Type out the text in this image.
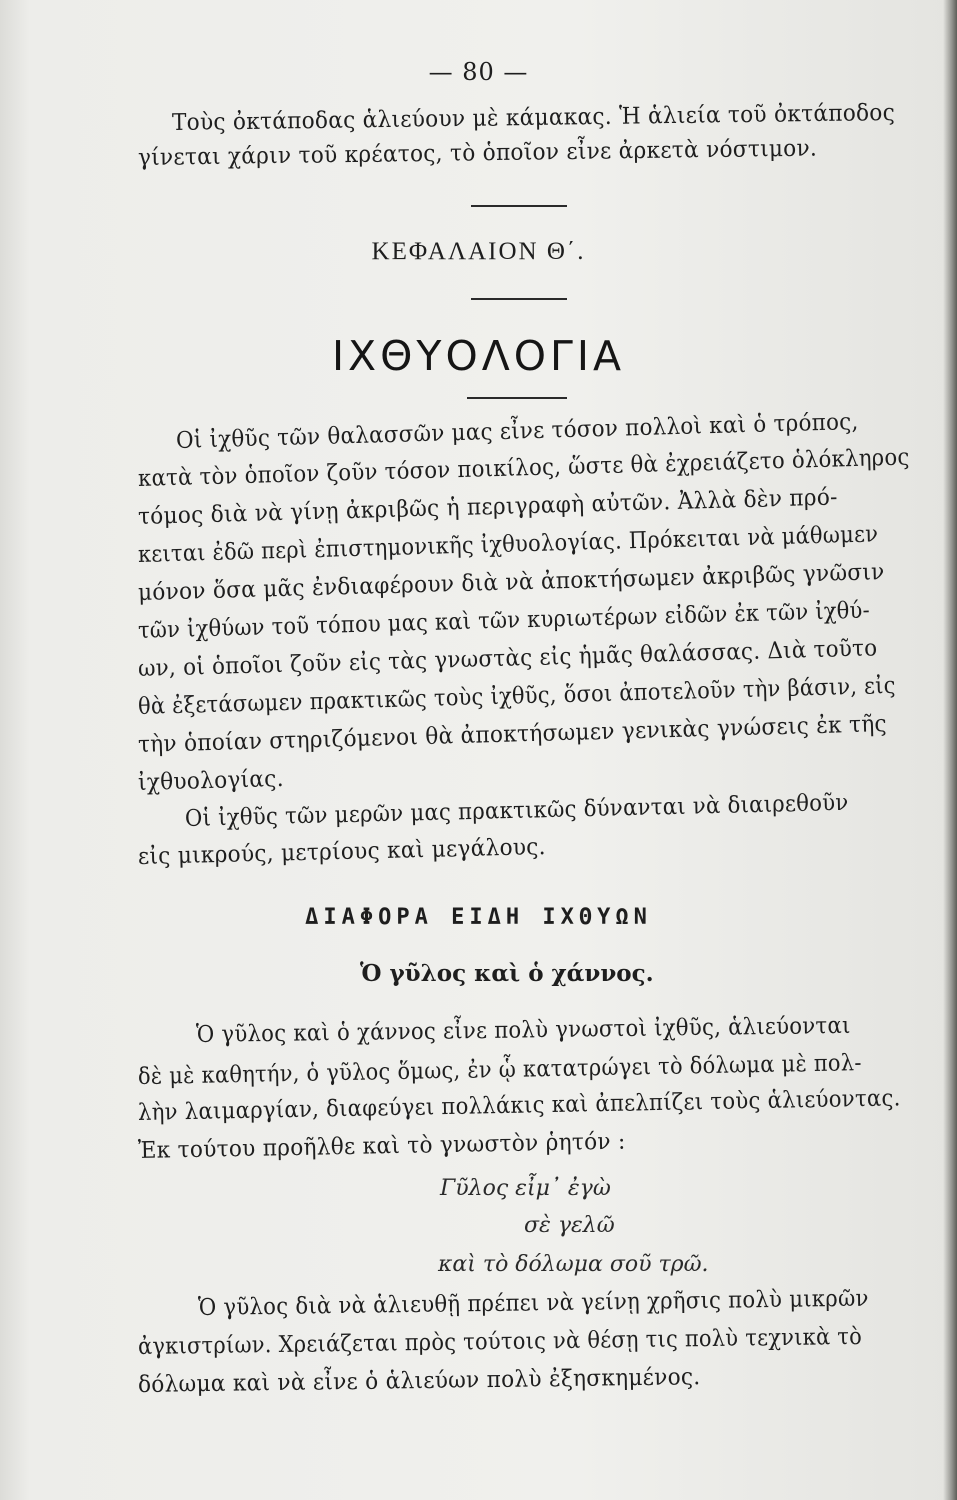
— 80 —
Τοὺς ὀκτάποδας ἁλιεύουν μὲ κάμακας. Ἡ ἁλιεία τοῦ ὀκτάποδος
γίνεται χάριν τοῦ κρέατος, τὸ ὁποῖον εἶνε ἀρκετὰ νόστιμον.
ΚΕΦΑΛΑΙΟΝ Θ΄.
ΙΧΘΥΟΛΟΓΙΑ
Οἱ ἰχθῦς τῶν θαλασσῶν μας εἶνε τόσον πολλοὶ καὶ ὁ τρόπος,
κατὰ τὸν ὁποῖον ζοῦν τόσον ποικίλος, ὥστε θὰ ἐχρειάζετο ὁλόκληρος
τόμος διὰ νὰ γίνῃ ἀκριβῶς ἡ περιγραφὴ αὐτῶν. Ἀλλὰ δὲν πρό-
κειται ἐδῶ περὶ ἐπιστημονικῆς ἰχθυολογίας. Πρόκειται νὰ μάθωμεν
μόνον ὅσα μᾶς ἐνδιαφέρουν διὰ νὰ ἀποκτήσωμεν ἀκριβῶς γνῶσιν
τῶν ἰχθύων τοῦ τόπου μας καὶ τῶν κυριωτέρων εἰδῶν ἐκ τῶν ἰχθύ-
ων, οἱ ὁποῖοι ζοῦν εἰς τὰς γνωστὰς εἰς ἡμᾶς θαλάσσας. Διὰ τοῦτο
θὰ ἐξετάσωμεν πρακτικῶς τοὺς ἰχθῦς, ὅσοι ἀποτελοῦν τὴν βάσιν, εἰς
τὴν ὁποίαν στηριζόμενοι θὰ ἀποκτήσωμεν γενικὰς γνώσεις ἐκ τῆς
ἰχθυολογίας.
Οἱ ἰχθῦς τῶν μερῶν μας πρακτικῶς δύνανται νὰ διαιρεθοῦν
εἰς μικρούς, μετρίους καὶ μεγάλους.
ΔΙΑΦΟΡΑ ΕΙΔΗ ΙΧΘΥΩΝ
Ὁ γῦλος καὶ ὁ χάννος.
Ὁ γῦλος καὶ ὁ χάννος εἶνε πολὺ γνωστοὶ ἰχθῦς, ἁλιεύονται
δὲ μὲ καθητήν, ὁ γῦλος ὅμως, ἐν ᾧ κατατρώγει τὸ δόλωμα μὲ πολ-
λὴν λαιμαργίαν, διαφεύγει πολλάκις καὶ ἀπελπίζει τοὺς ἁλιεύοντας.
Ἐκ τούτου προῆλθε καὶ τὸ γνωστὸν ῥητόν :
Γῦλος εἶμ᾽ ἐγὼ
σὲ γελῶ
καὶ τὸ δόλωμα σοῦ τρῶ.
Ὁ γῦλος διὰ νὰ ἁλιευθῇ πρέπει νὰ γείνῃ χρῆσις πολὺ μικρῶν
ἀγκιστρίων. Χρειάζεται πρὸς τούτοις νὰ θέσῃ τις πολὺ τεχνικὰ τὸ
δόλωμα καὶ νὰ εἶνε ὁ ἁλιεύων πολὺ ἐξησκημένος.
